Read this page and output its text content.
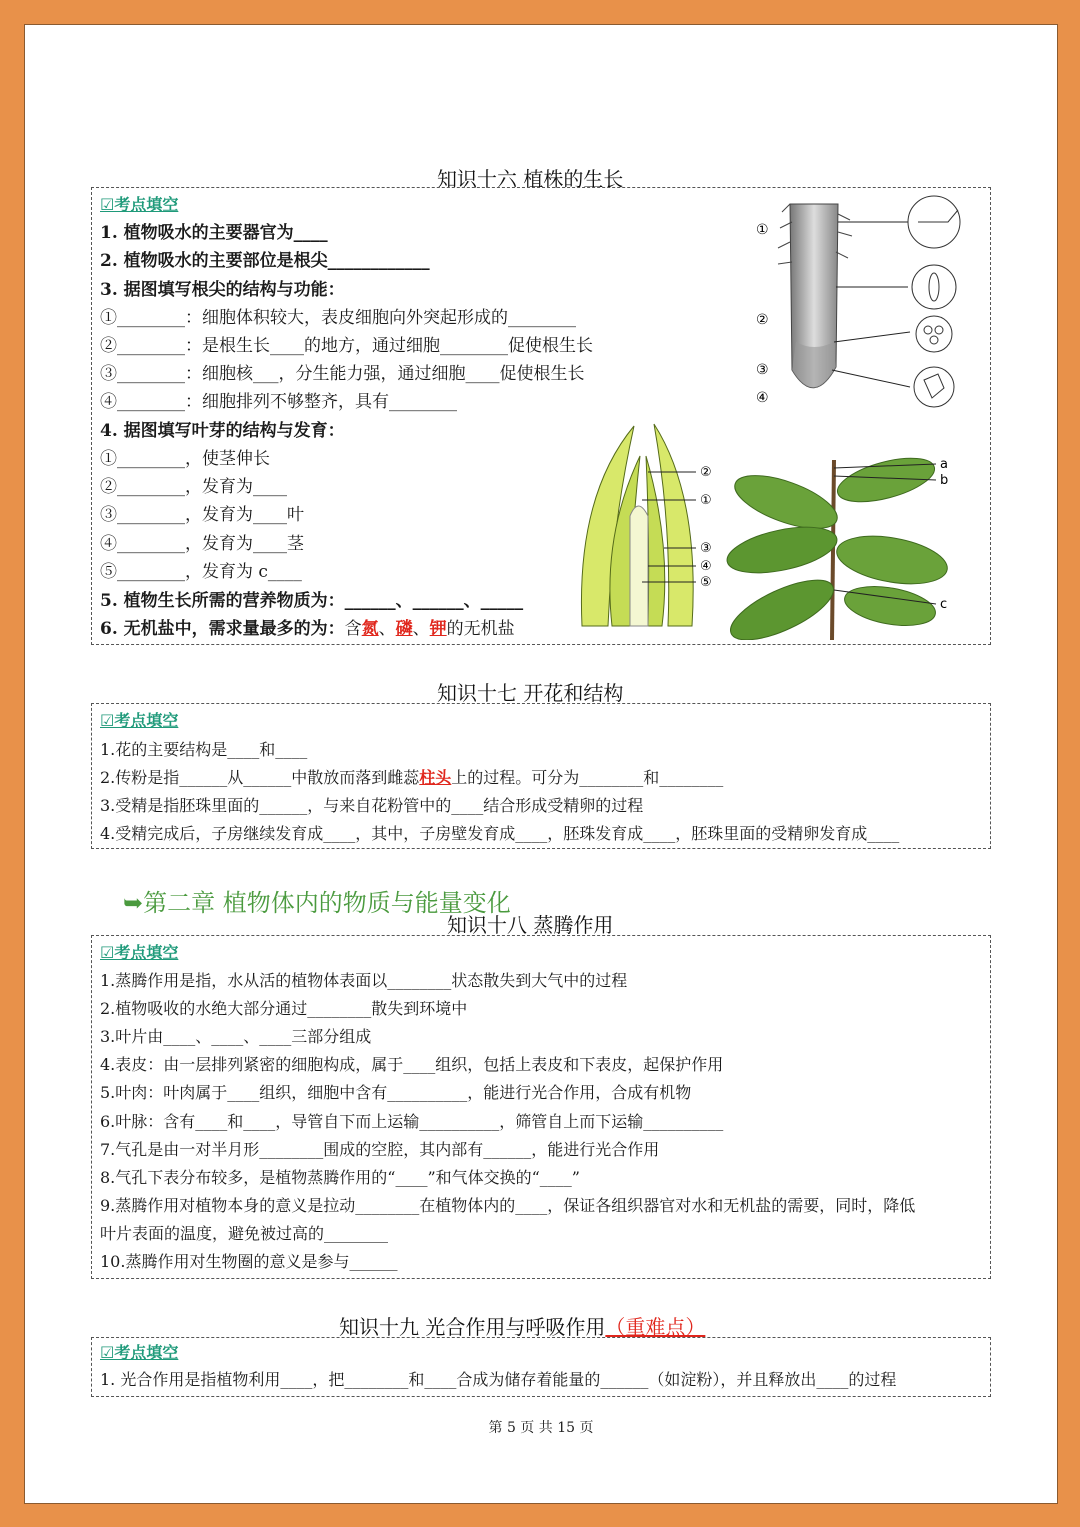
知识十六 植株的生长
☑考点填空
1. 植物吸水的主要器官为____
2. 植物吸水的主要部位是根尖____________
3. 据图填写根尖的结构与功能：
①________：细胞体积较大，表皮细胞向外突起形成的________
②________：是根生长____的地方，通过细胞________促使根生长
③________：细胞核___，分生能力强，通过细胞____促使根生长
④________：细胞排列不够整齐，具有________
4. 据图填写叶芽的结构与发育：
①________，使茎伸长
②________，发育为____
③________，发育为____叶
④________，发育为____茎
⑤________，发育为 c____
5. 植物生长所需的营养物质为：______、______、_____
6. 无机盐中，需求量最多的为：含氮、磷、钾的无机盐
①
②
③
④
②
①
③
④
⑤
a
b
c
知识十七 开花和结构
☑考点填空
1.花的主要结构是____和____
2.传粉是指______从______中散放而落到雌蕊柱头上的过程。可分为________和________
3.受精是指胚珠里面的______，与来自花粉管中的____结合形成受精卵的过程
4.受精完成后，子房继续发育成____，其中，子房壁发育成____，胚珠发育成____，胚珠里面的受精卵发育成____
➥第二章 植物体内的物质与能量变化
知识十八 蒸腾作用
☑考点填空
1.蒸腾作用是指，水从活的植物体表面以________状态散失到大气中的过程
2.植物吸收的水绝大部分通过________散失到环境中
3.叶片由____、____、____三部分组成
4.表皮：由一层排列紧密的细胞构成，属于____组织，包括上表皮和下表皮，起保护作用
5.叶肉：叶肉属于____组织，细胞中含有__________，能进行光合作用，合成有机物
6.叶脉：含有____和____，导管自下而上运输__________，筛管自上而下运输__________
7.气孔是由一对半月形________围成的空腔，其内部有______，能进行光合作用
8.气孔下表分布较多，是植物蒸腾作用的“____”和气体交换的“____”
9.蒸腾作用对植物本身的意义是拉动________在植物体内的____，保证各组织器官对水和无机盐的需要，同时，降低
叶片表面的温度，避免被过高的________
10.蒸腾作用对生物圈的意义是参与______
知识十九 光合作用与呼吸作用（重难点）
☑考点填空
1. 光合作用是指植物利用____，把________和____合成为储存着能量的______（如淀粉），并且释放出____的过程
第 5 页 共 15 页
